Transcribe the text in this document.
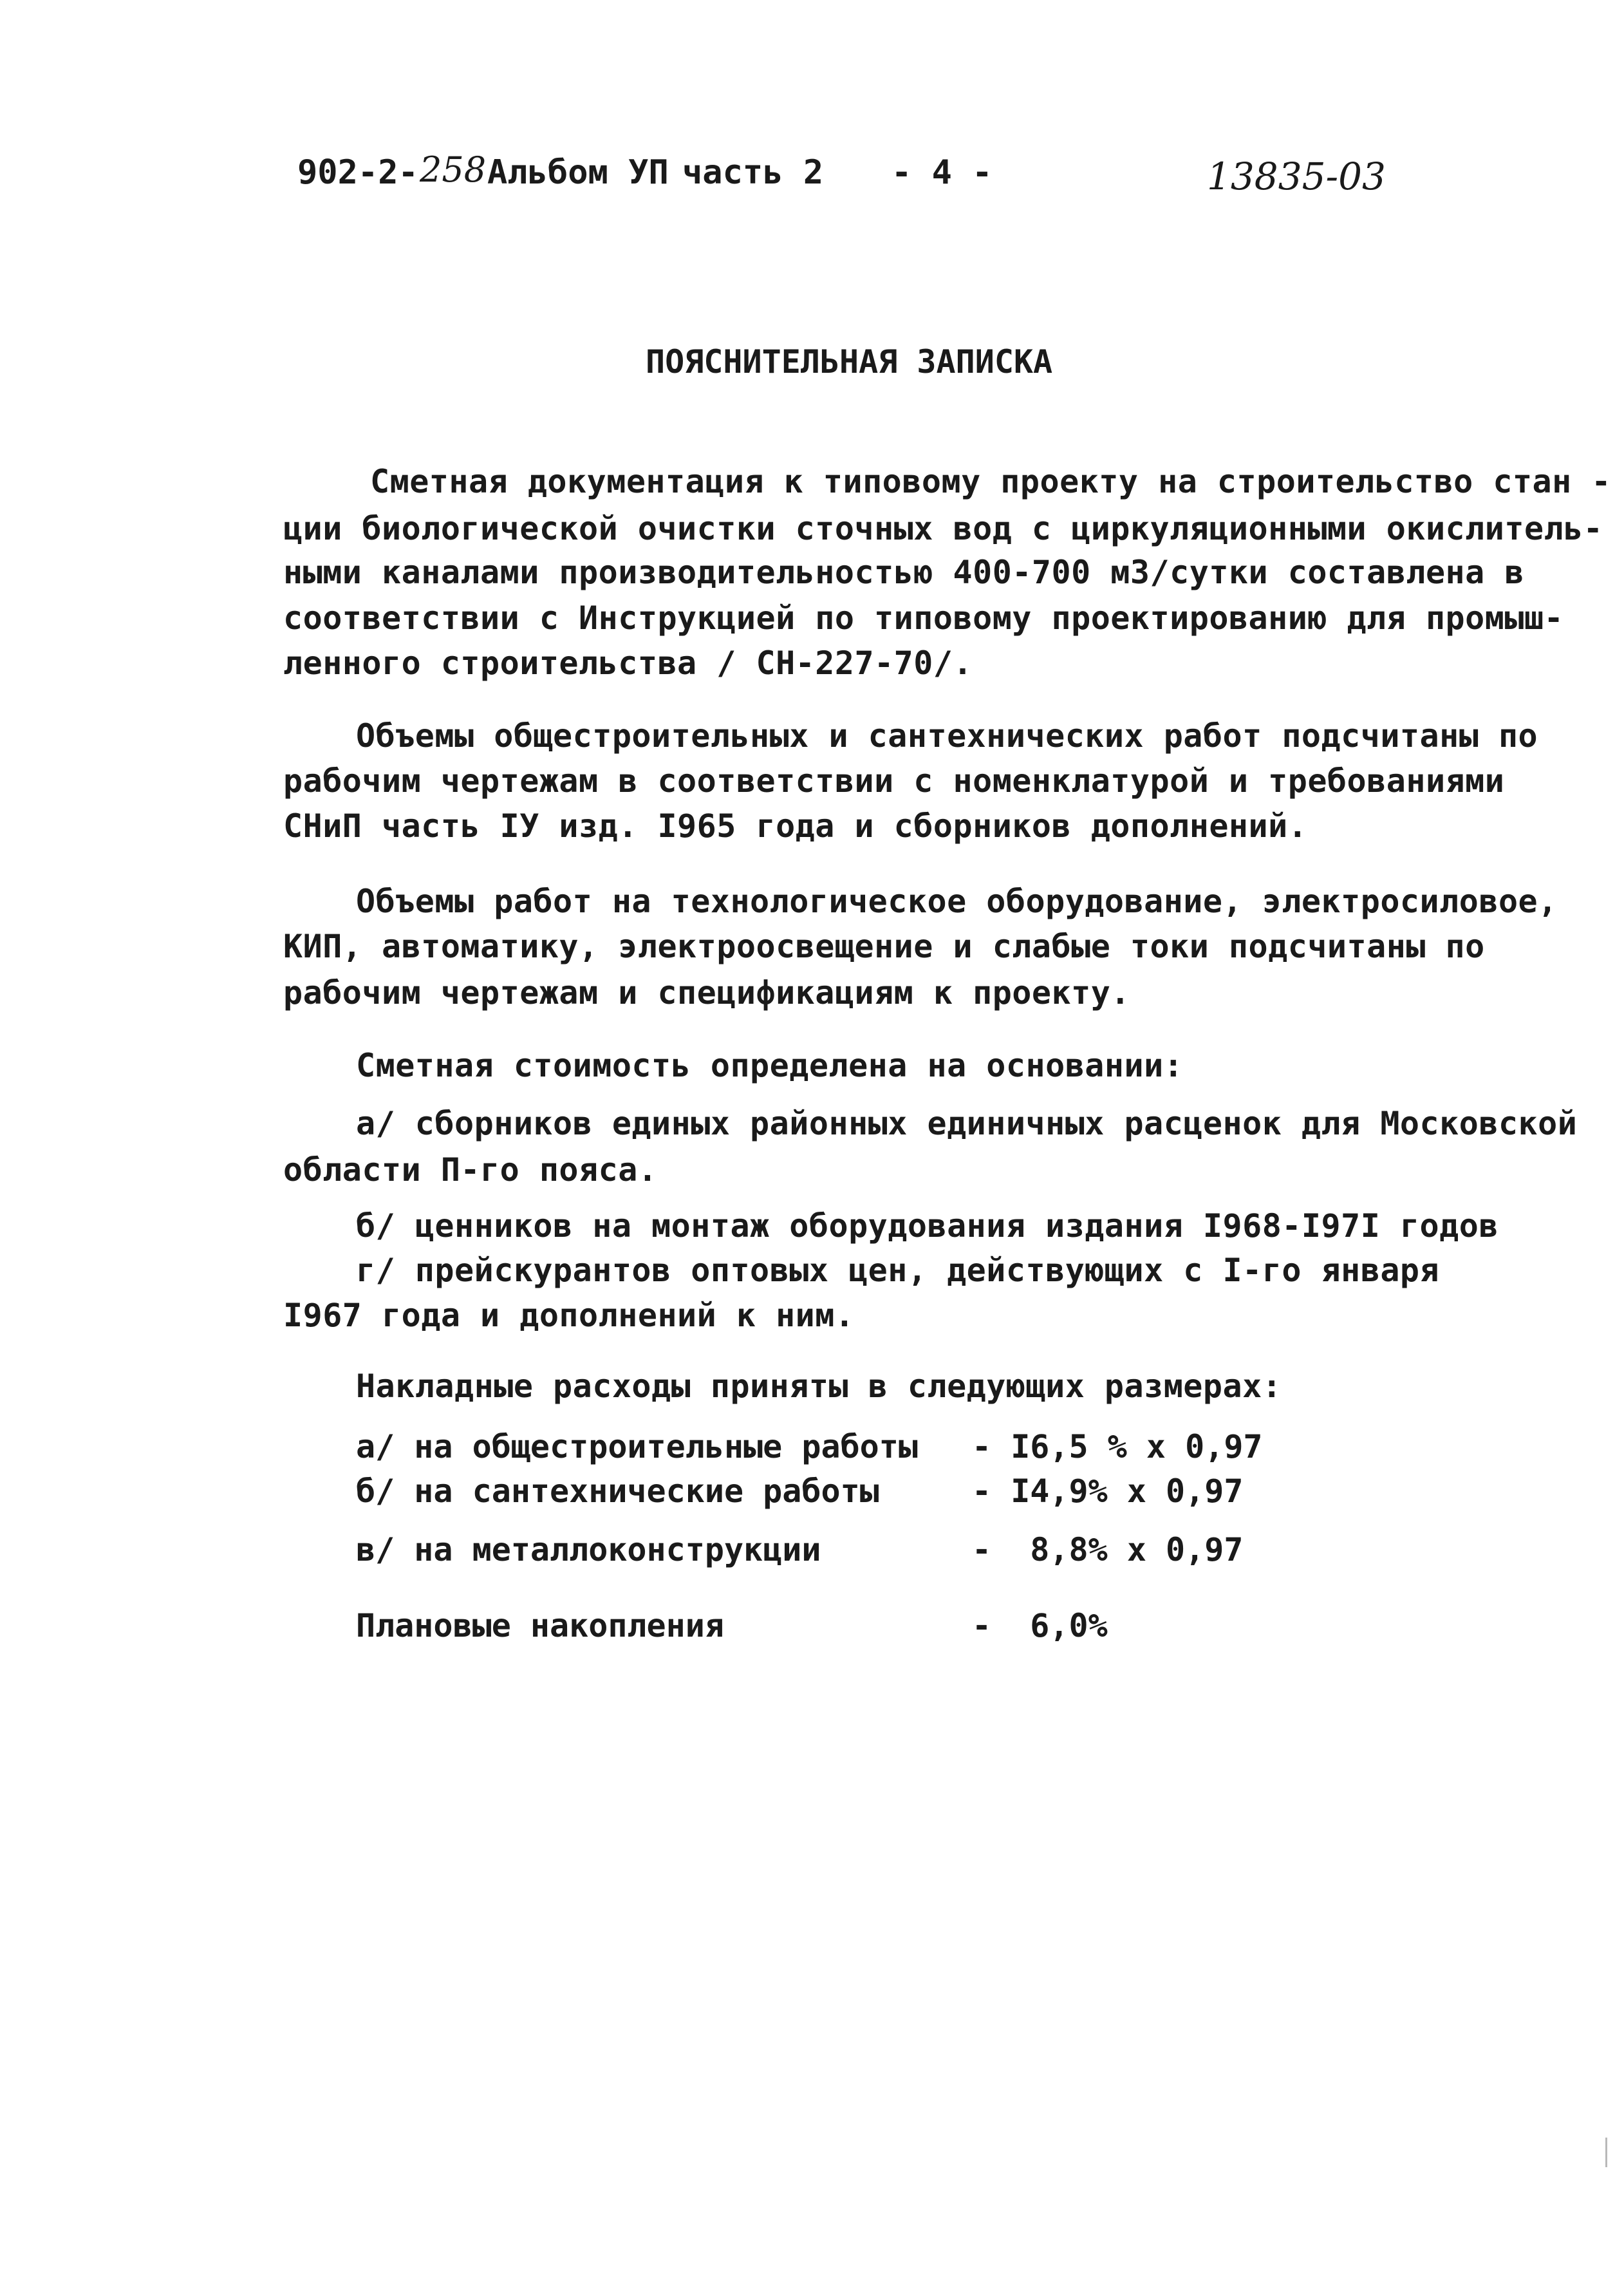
902-2- 258 Альбом УП часть 2 - 4 -	13835-03
ПОЯСНИТЕЛЬНАЯ ЗАПИСКА
Сметная документация к типовому проекту на строительство стан -
ции биологической очистки сточных вод с циркуляционными окислитель-
ными каналами производительностью 400-700 м3/сутки составлена в
соответствии с Инструкцией по типовому проектированию для промыш-
ленного строительства / СН-227-70/.
Объемы общестроительных и сантехнических работ подсчитаны по
рабочим чертежам в соответствии с номенклатурой и требованиями
СНиП часть IУ изд. I965 года и сборников дополнений.
Объемы работ на технологическое оборудование, электросиловое,
КИП, автоматику, электроосвещение и слабые токи подсчитаны по
рабочим чертежам и спецификациям к проекту.
Сметная стоимость определена на основании:
а/ сборников единых районных единичных расценок для Московской
области П-го пояса.
б/ ценников на монтаж оборудования издания I968-I97I годов
г/ прейскурантов оптовых цен, действующих с I-го января
I967 года и дополнений к ним.
Накладные расходы приняты в следующих размерах:
а/ на общестроительные работы - I6,5 % х 0,97
б/ на сантехнические работы	- I4,9% х 0,97
в/ на металлоконструкции	-  8,8% х 0,97
Плановые накопления	-  6,0%
